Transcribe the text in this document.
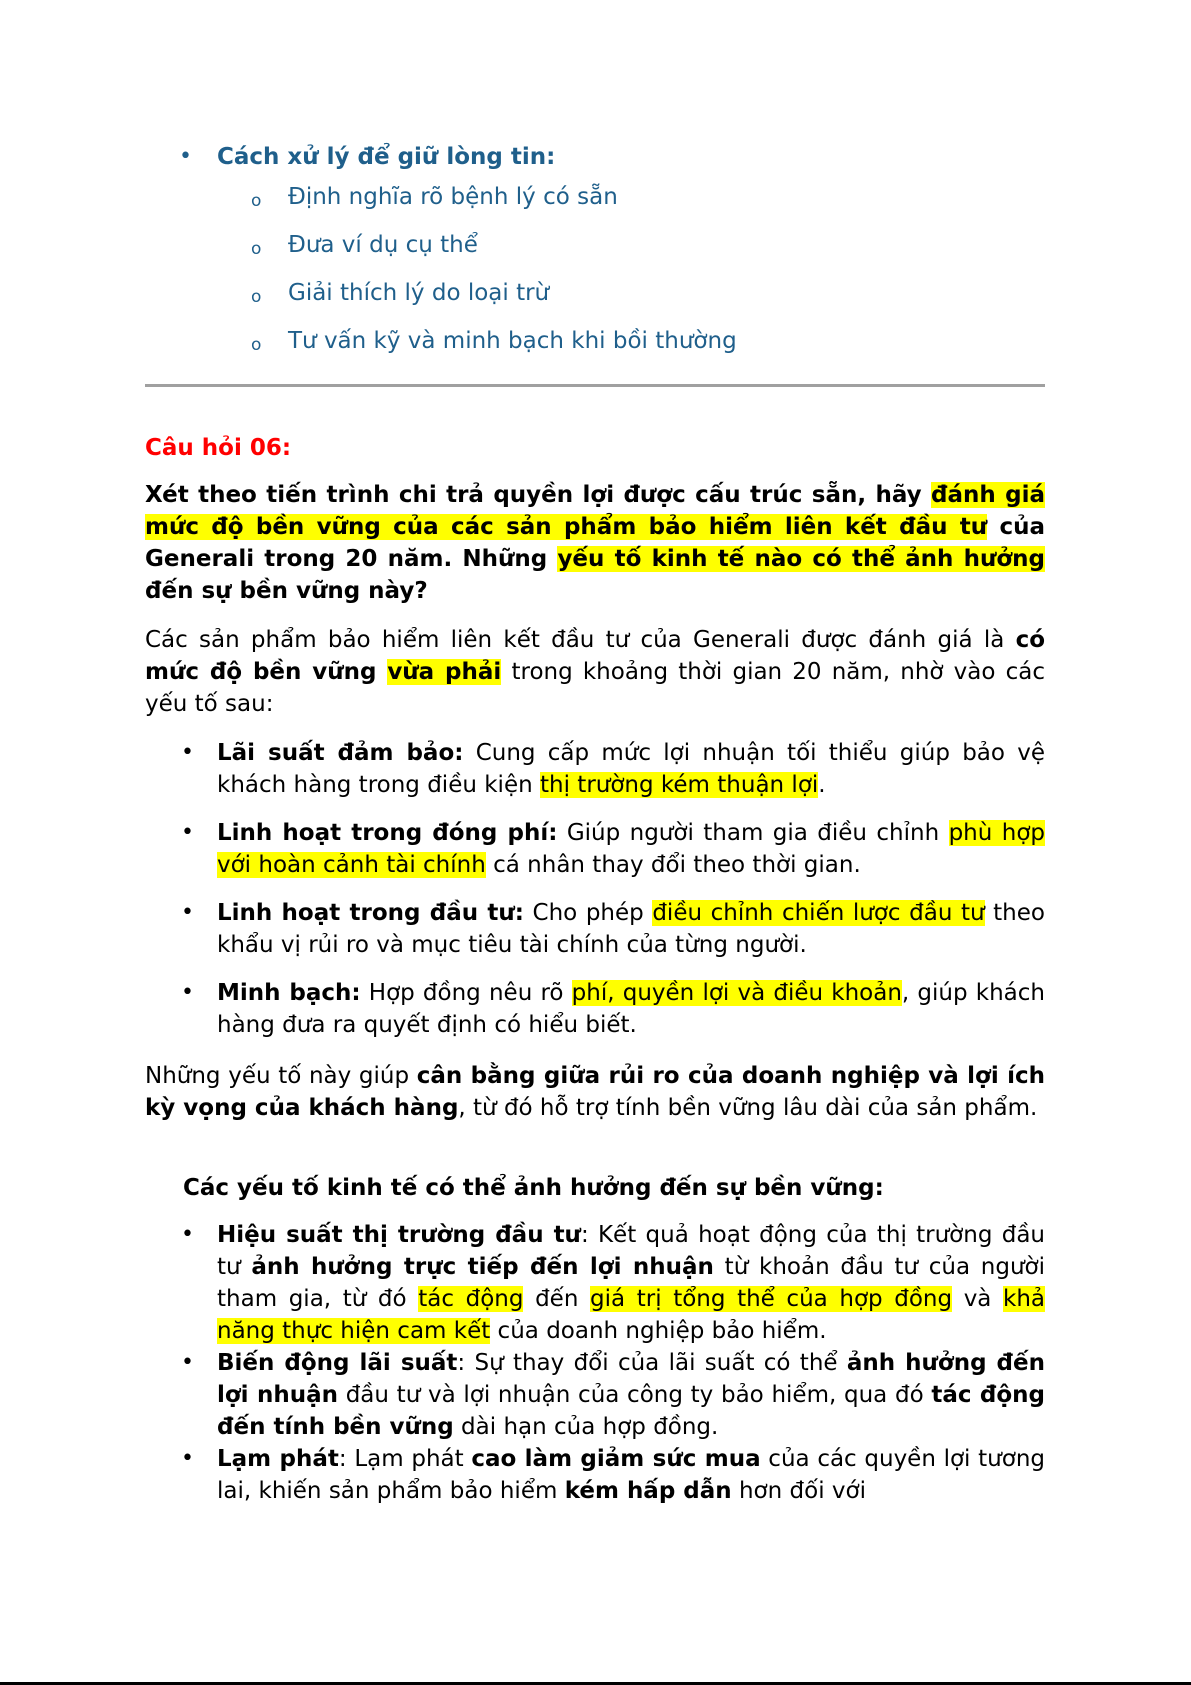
• Cách xử lý để giữ lòng tin:
o Định nghĩa rõ bệnh lý có sẵn
o Đưa ví dụ cụ thể
o Giải thích lý do loại trừ
o Tư vấn kỹ và minh bạch khi bồi thường
Câu hỏi 06:
Xét theo tiến trình chi trả quyền lợi được cấu trúc sẵn, hãy đánh giá mức độ bền vững của các sản phẩm bảo hiểm liên kết đầu tư của Generali trong 20 năm. Những yếu tố kinh tế nào có thể ảnh hưởng đến sự bền vững này?
Các sản phẩm bảo hiểm liên kết đầu tư của Generali được đánh giá là có mức độ bền vững vừa phải trong khoảng thời gian 20 năm, nhờ vào các yếu tố sau:
• Lãi suất đảm bảo: Cung cấp mức lợi nhuận tối thiểu giúp bảo vệ khách hàng trong điều kiện thị trường kém thuận lợi.
• Linh hoạt trong đóng phí: Giúp người tham gia điều chỉnh phù hợp với hoàn cảnh tài chính cá nhân thay đổi theo thời gian.
• Linh hoạt trong đầu tư: Cho phép điều chỉnh chiến lược đầu tư theo khẩu vị rủi ro và mục tiêu tài chính của từng người.
• Minh bạch: Hợp đồng nêu rõ phí, quyền lợi và điều khoản, giúp khách hàng đưa ra quyết định có hiểu biết.
Những yếu tố này giúp cân bằng giữa rủi ro của doanh nghiệp và lợi ích kỳ vọng của khách hàng, từ đó hỗ trợ tính bền vững lâu dài của sản phẩm.
Các yếu tố kinh tế có thể ảnh hưởng đến sự bền vững:
• Hiệu suất thị trường đầu tư: Kết quả hoạt động của thị trường đầu tư ảnh hưởng trực tiếp đến lợi nhuận từ khoản đầu tư của người tham gia, từ đó tác động đến giá trị tổng thể của hợp đồng và khả năng thực hiện cam kết của doanh nghiệp bảo hiểm.
• Biến động lãi suất: Sự thay đổi của lãi suất có thể ảnh hưởng đến lợi nhuận đầu tư và lợi nhuận của công ty bảo hiểm, qua đó tác động đến tính bền vững dài hạn của hợp đồng.
• Lạm phát: Lạm phát cao làm giảm sức mua của các quyền lợi tương lai, khiến sản phẩm bảo hiểm kém hấp dẫn hơn đối với
